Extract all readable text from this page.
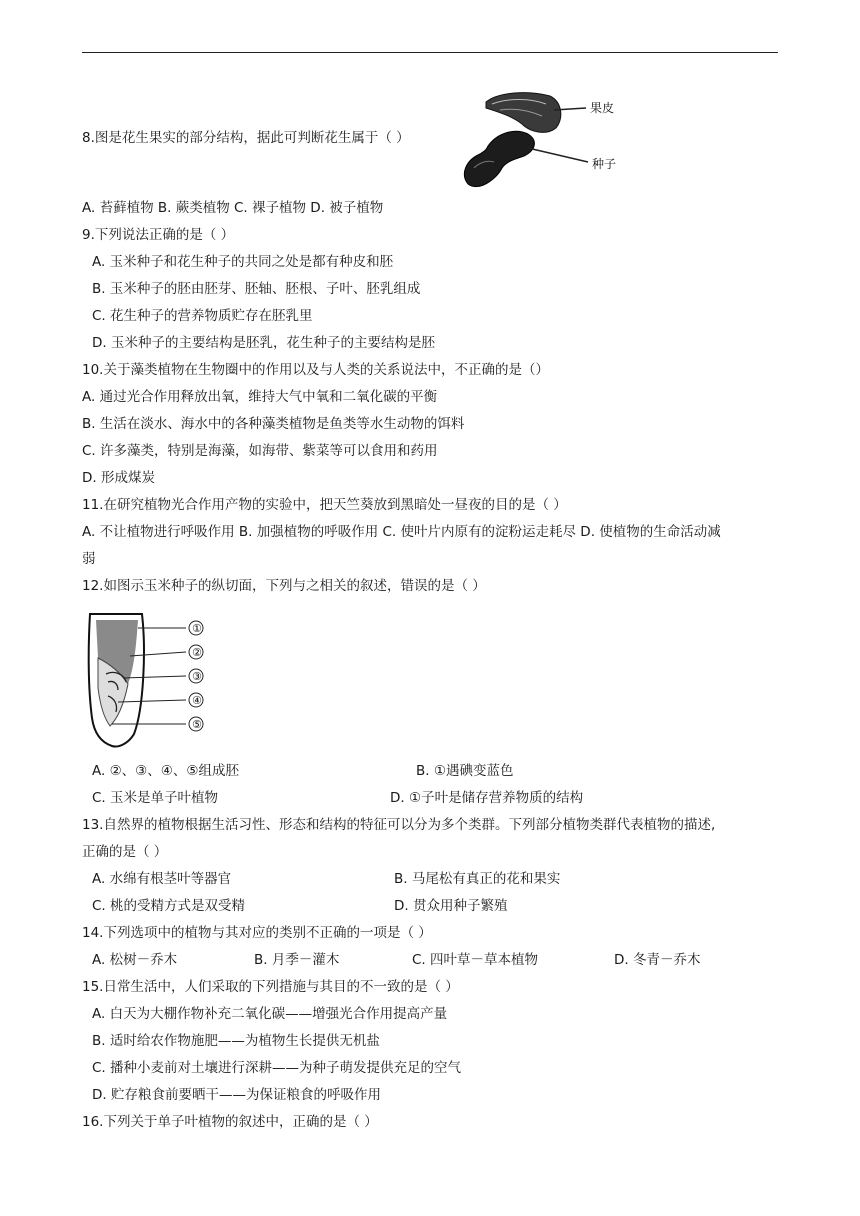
8.图是花生果实的部分结构，据此可判断花生属于（ ）
果皮
种子
A. 苔藓植物 B. 蕨类植物 C. 裸子植物 D. 被子植物
9.下列说法正确的是（ ）
A. 玉米种子和花生种子的共同之处是都有种皮和胚
B. 玉米种子的胚由胚芽、胚轴、胚根、子叶、胚乳组成
C. 花生种子的营养物质贮存在胚乳里
D. 玉米种子的主要结构是胚乳，花生种子的主要结构是胚
10.关于藻类植物在生物圈中的作用以及与人类的关系说法中，不正确的是（）
A. 通过光合作用释放出氧，维持大气中氧和二氧化碳的平衡
B. 生活在淡水、海水中的各种藻类植物是鱼类等水生动物的饵料
C. 许多藻类，特别是海藻，如海带、紫菜等可以食用和药用
D. 形成煤炭
11.在研究植物光合作用产物的实验中，把天竺葵放到黑暗处一昼夜的目的是（ ）
A. 不让植物进行呼吸作用 B. 加强植物的呼吸作用 C. 使叶片内原有的淀粉运走耗尽 D. 使植物的生命活动减
弱
12.如图示玉米种子的纵切面，下列与之相关的叙述，错误的是（ ）
①
②
③
④
⑤
A. ②、③、④、⑤组成胚	B. ①遇碘变蓝色
C. 玉米是单子叶植物	D. ①子叶是储存营养物质的结构
13.自然界的植物根据生活习性、形态和结构的特征可以分为多个类群。下列部分植物类群代表植物的描述,
正确的是（ ）
A. 水绵有根茎叶等器官	B. 马尾松有真正的花和果实
C. 桃的受精方式是双受精	D. 贯众用种子繁殖
14.下列选项中的植物与其对应的类别不正确的一项是（ ）
A. 松树－乔木	B. 月季－灌木	C. 四叶草－草本植物	D. 冬青－乔木
15.日常生活中，人们采取的下列措施与其目的不一致的是（ ）
A. 白天为大棚作物补充二氧化碳——增强光合作用提高产量
B. 适时给农作物施肥——为植物生长提供无机盐
C. 播种小麦前对土壤进行深耕——为种子萌发提供充足的空气
D. 贮存粮食前要晒干——为保证粮食的呼吸作用
16.下列关于单子叶植物的叙述中，正确的是（ ）
